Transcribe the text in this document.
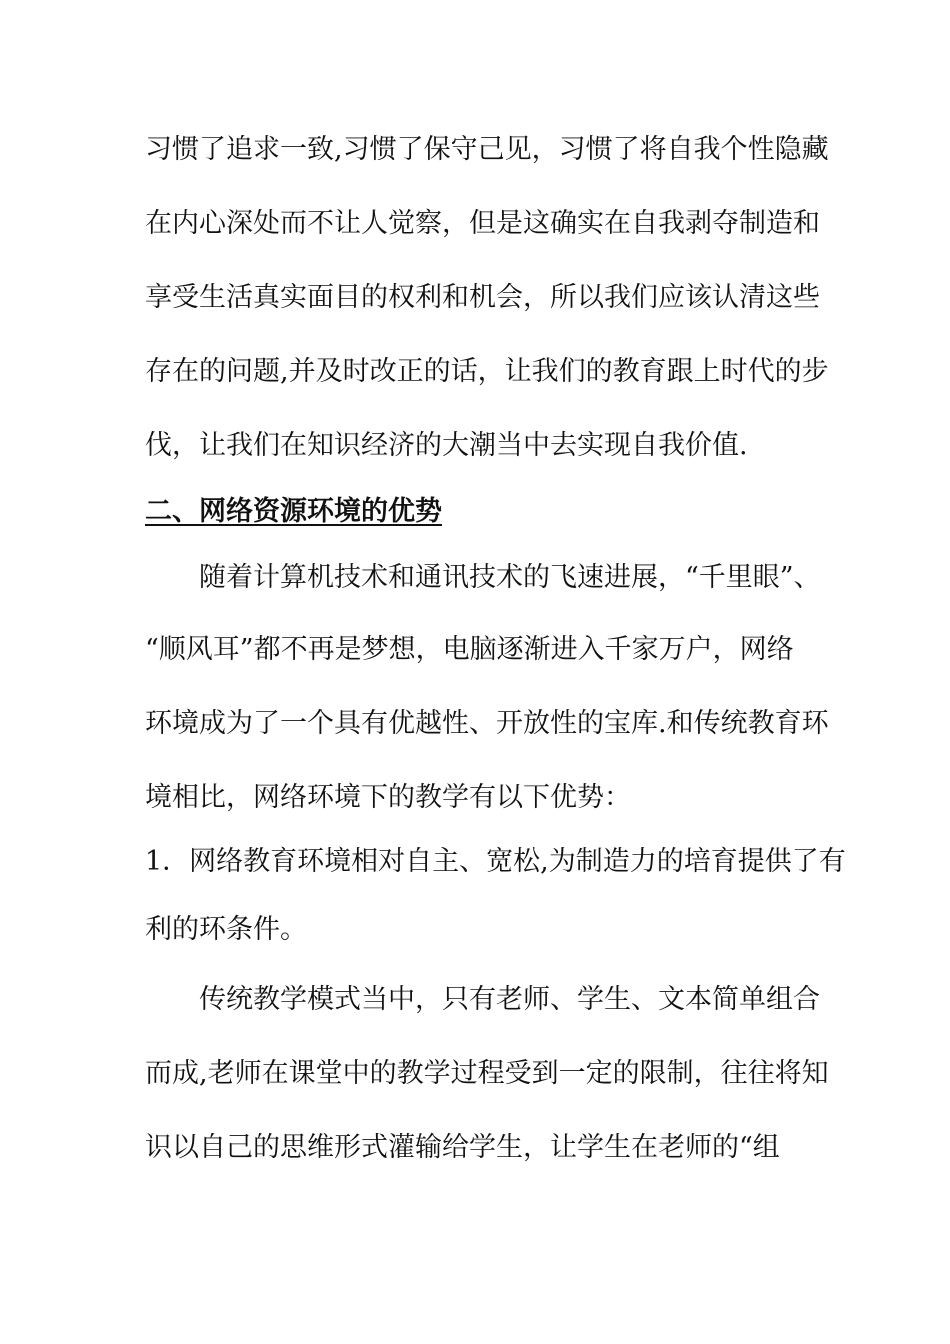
习惯了追求一致,习惯了保守己见，习惯了将自我个性隐藏

在内心深处而不让人觉察，但是这确实在自我剥夺制造和

享受生活真实面目的权利和机会，所以我们应该认清这些

存在的问题,并及时改正的话，让我们的教育跟上时代的步

伐，让我们在知识经济的大潮当中去实现自我价值.

二、网络资源环境的优势

随着计算机技术和通讯技术的飞速进展，“千里眼”、

“顺风耳”都不再是梦想，电脑逐渐进入千家万户，网络

环境成为了一个具有优越性、开放性的宝库.和传统教育环

境相比，网络环境下的教学有以下优势：

1．网络教育环境相对自主、宽松,为制造力的培育提供了有

利的环条件。

传统教学模式当中，只有老师、学生、文本简单组合

而成,老师在课堂中的教学过程受到一定的限制，往往将知

识以自己的思维形式灌输给学生，让学生在老师的“组
